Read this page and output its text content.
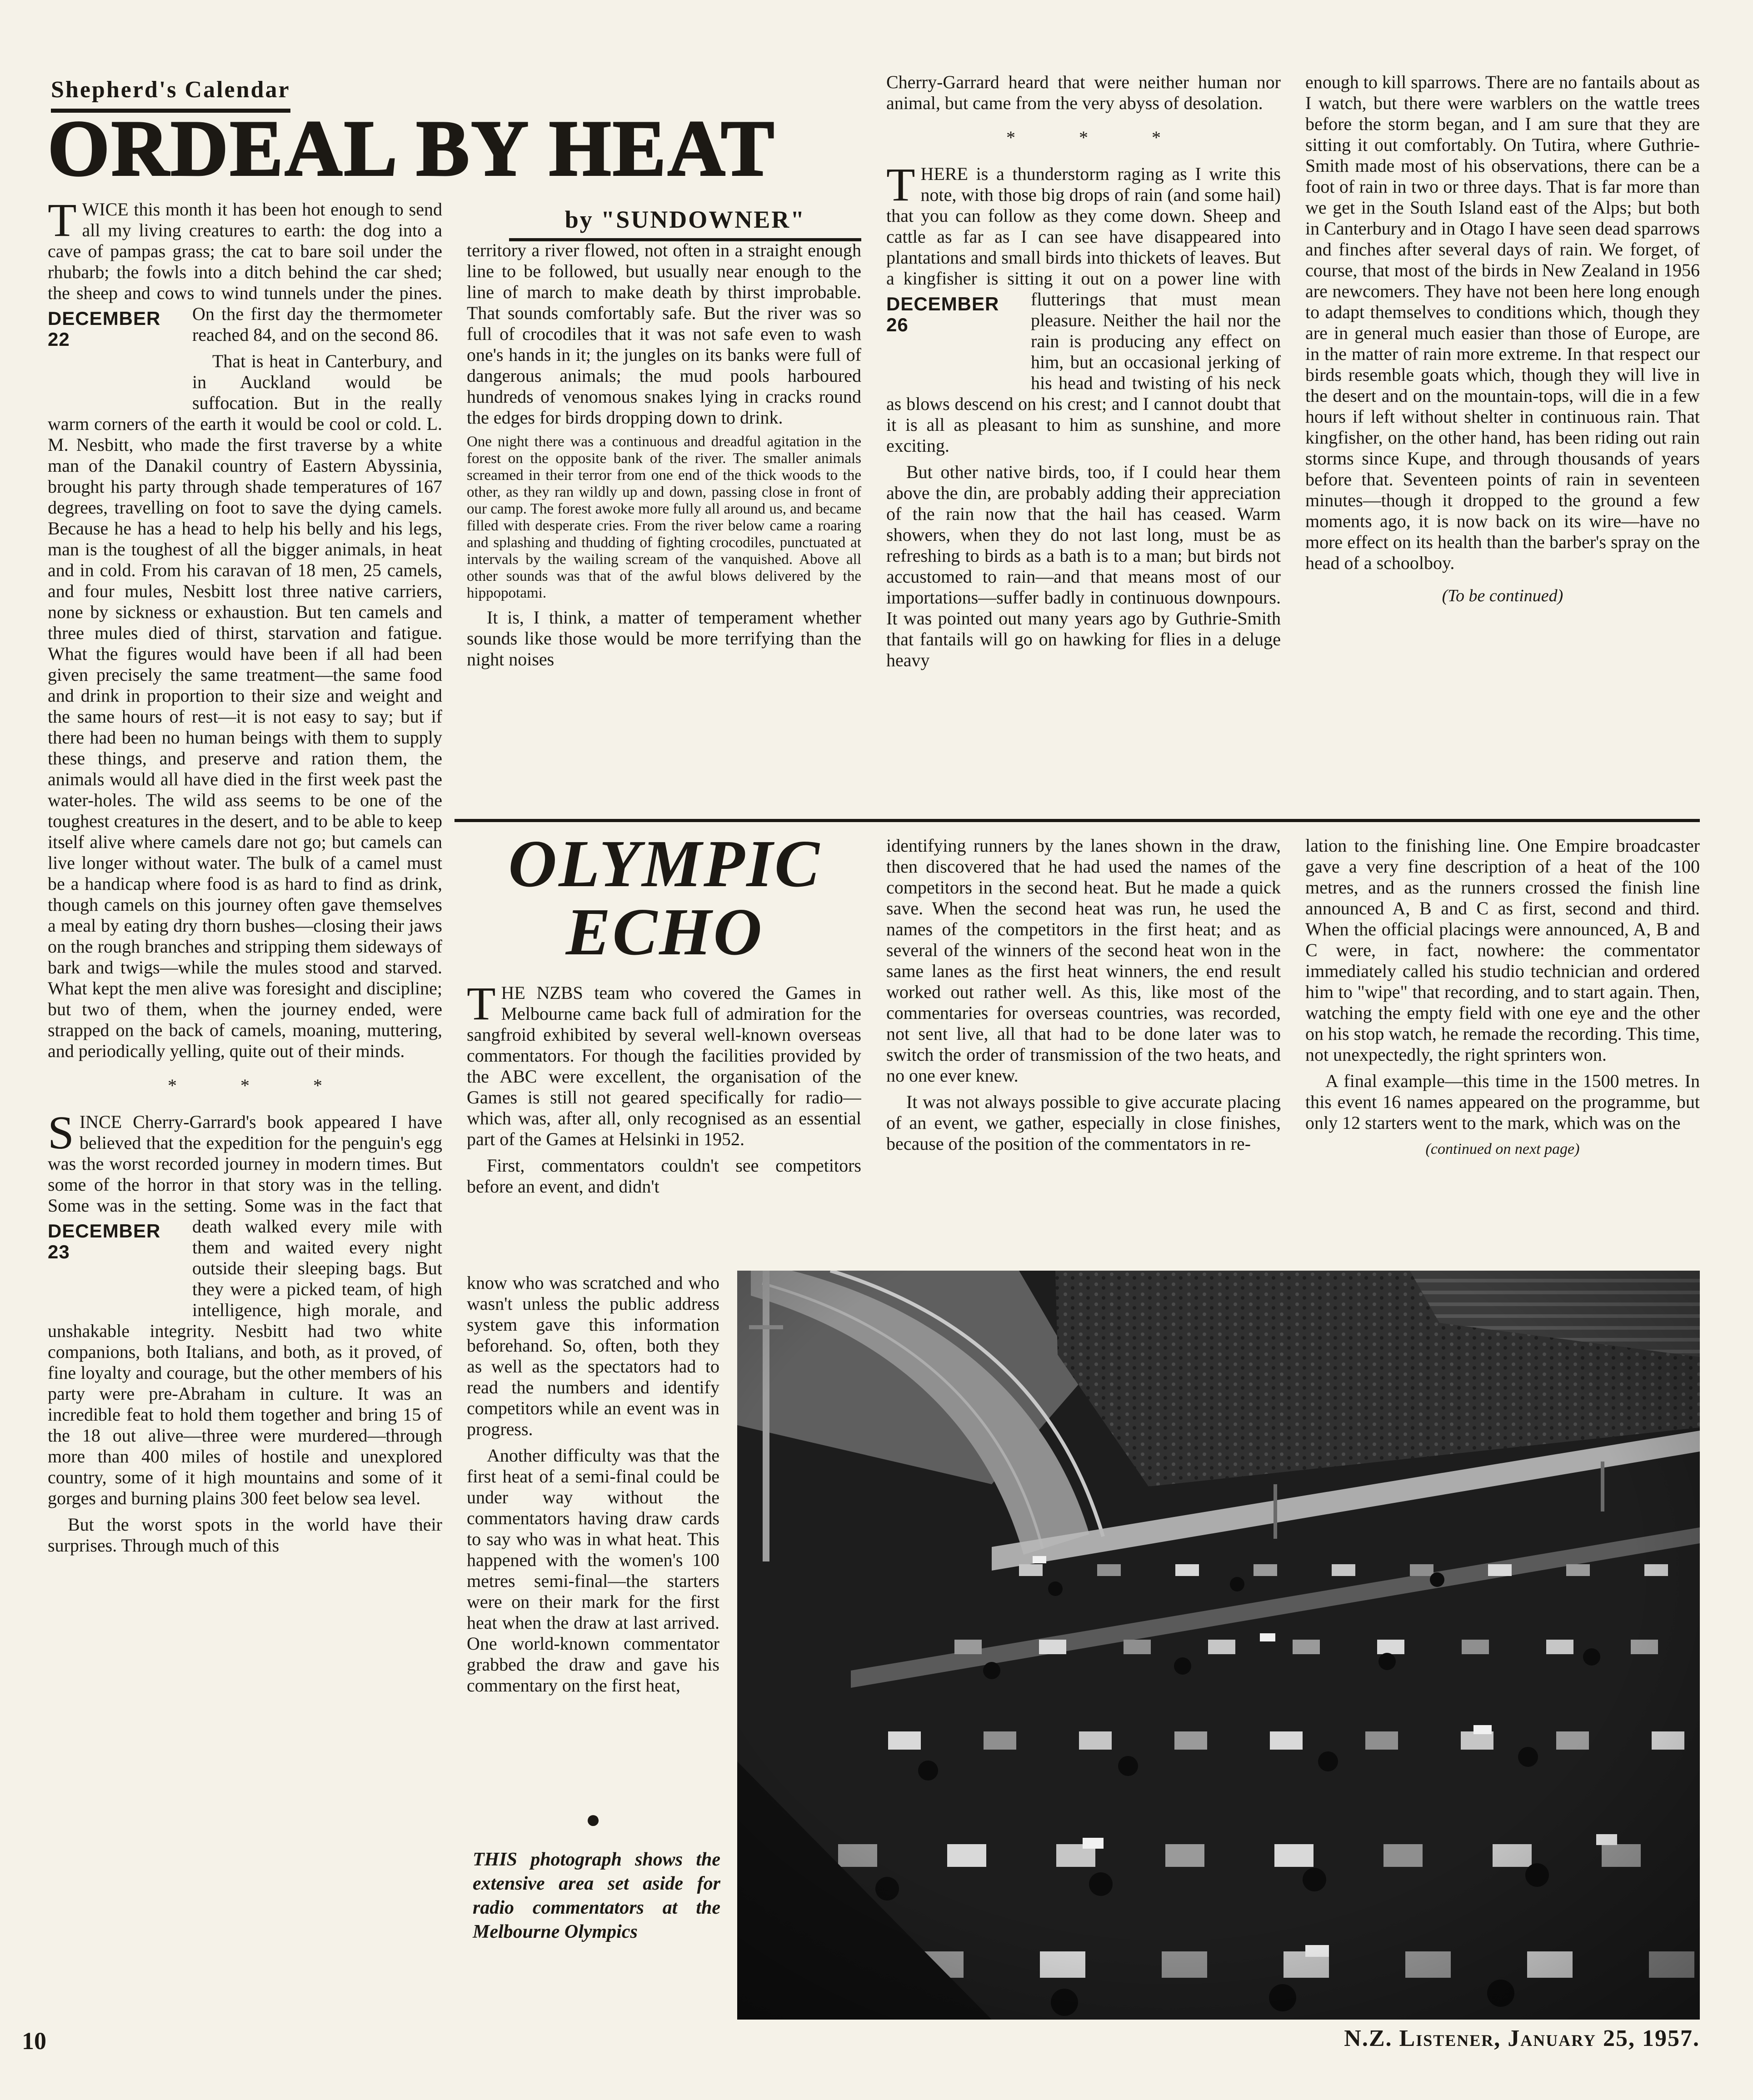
Shepherd's Calendar
ORDEAL BY HEAT
by "SUNDOWNER"

T WICE this month it has been hot enough to send all my living creatures to earth: the dog into a cave of pampas grass; the cat to bare soil under the rhubarb; the fowls into a ditch behind the car shed; the sheep and cows to wind tunnels under the pines.
DECEMBER 22
On the first day the thermometer reached 84, and on the second 86.

That is heat in Canterbury, and in Auckland would be suffocation. But in the really warm corners of the earth it would be cool or cold. L. M. Nesbitt, who made the first traverse by a white man of the Danakil country of Eastern Abyssinia, brought his party through shade temperatures of 167 degrees, travelling on foot to save the dying camels. Because he has a head to help his belly and his legs, man is the toughest of all the bigger animals, in heat and in cold. From his caravan of 18 men, 25 camels, and four mules, Nesbitt lost three native carriers, none by sickness or exhaustion. But ten camels and three mules died of thirst, starvation and fatigue. What the figures would have been if all had been given precisely the same treatment—the same food and drink in proportion to their size and weight and the same hours of rest—it is not easy to say; but if there had been no human beings with them to supply these things, and preserve and ration them, the animals would all have died in the first week past the water-holes. The wild ass seems to be one of the toughest creatures in the desert, and to be able to keep itself alive where camels dare not go; but camels can live longer without water. The bulk of a camel must be a handicap where food is as hard to find as drink, though camels on this journey often gave themselves a meal by eating dry thorn bushes—closing their jaws on the rough branches and stripping them sideways of bark and twigs—while the mules stood and starved. What kept the men alive was foresight and discipline; but two of them, when the journey ended, were strapped on the back of camels, moaning, muttering, and periodically yelling, quite out of their minds.

* * *

S INCE Cherry-Garrard's book appeared I have believed that the expedition for the penguin's egg was the worst recorded journey in modern times. But some of the horror in that story was in the telling. Some was in the setting. Some was in the fact that death walked every mile with
DECEMBER 23	them and waited every night outside their sleeping bags. But they were a picked team, of high intelligence, high morale, and unshakable integrity. Nesbitt had two white companions, both Italians, and both, as it proved, of fine loyalty and courage, but the other members of his party were pre-Abraham in culture. It was an incredible feat to hold them together and bring 15 of the 18 out alive—three were murdered—through more than 400 miles of hostile and unexplored country, some of it high mountains and some of it gorges and burning plains 300 feet below sea level.

But the worst spots in the world have their surprises. Through much of this

territory a river flowed, not often in a straight enough line to be followed, but usually near enough to the line of march to make death by thirst improbable. That sounds comfortably safe. But the river was so full of crocodiles that it was not safe even to wash one's hands in it; the jungles on its banks were full of dangerous animals; the mud pools harboured hundreds of venomous snakes lying in cracks round the edges for birds dropping down to drink.

One night there was a continuous and dreadful agitation in the forest on the opposite bank of the river. The smaller animals screamed in their terror from one end of the thick woods to the other, as they ran wildly up and down, passing close in front of our camp. The forest awoke more fully all around us, and became filled with desperate cries. From the river below came a roaring and splashing and thudding of fighting crocodiles, punctuated at intervals by the wailing scream of the vanquished. Above all other sounds was that of the awful blows delivered by the hippopotami.

It is, I think, a matter of temperament whether sounds like those would be more terrifying than the night noises

Cherry-Garrard heard that were neither human nor animal, but came from the very abyss of desolation.

* * *

T HERE is a thunderstorm raging as I write this note, with those big drops of rain (and some hail) that you can follow as they come down. Sheep and cattle as far as I can see have disappeared into plantations and small birds into thickets of leaves. But a kingfisher is sitting it out on a power line with flutterings
DECEMBER 26
that must mean pleasure. Neither the hail nor the rain is producing any effect on him, but an occasional jerking of his head and twisting of his neck as blows descend on his crest; and I cannot doubt that it is all as pleasant to him as sunshine, and more exciting.

But other native birds, too, if I could hear them above the din, are probably adding their appreciation of the rain now that the hail has ceased. Warm showers, when they do not last long, must be as refreshing to birds as a bath is to a man; but birds not accustomed to rain—and that means most of our importations—suffer badly in continuous downpours. It was pointed out many years ago by Guthrie-Smith that fantails will go on hawking for flies in a deluge heavy

enough to kill sparrows. There are no fantails about as I watch, but there were warblers on the wattle trees before the storm began, and I am sure that they are sitting it out comfortably. On Tutira, where Guthrie-Smith made most of his observations, there can be a foot of rain in two or three days. That is far more than we get in the South Island east of the Alps; but both in Canterbury and in Otago I have seen dead sparrows and finches after several days of rain. We forget, of course, that most of the birds in New Zealand in 1956 are newcomers. They have not been here long enough to adapt themselves to conditions which, though they are in general much easier than those of Europe, are in the matter of rain more extreme. In that respect our birds resemble goats which, though they will live in the desert and on the mountain-tops, will die in a few hours if left without shelter in continuous rain. That kingfisher, on the other hand, has been riding out rain storms since Kupe, and through thousands of years before that. Seventeen points of rain in seventeen minutes—though it dropped to the ground a few moments ago, it is now back on its wire—have no more effect on its health than the barber's spray on the head of a schoolboy.

(To be continued)
OLYMPIC
ECHO

T HE NZBS team who covered the Games in Melbourne came back full of admiration for the sangfroid exhibited by several well-known overseas commentators. For though the facilities provided by the ABC were excellent, the organisation of the Games is still not geared specifically for radio—which was, after all, only recognised as an essential part of the Games at Helsinki in 1952.

First, commentators couldn't see competitors before an event, and didn't

know who was scratched and who wasn't unless the public address system gave this information beforehand. So, often, both they as well as the spectators had to read the numbers and identify competitors while an event was in progress.

Another difficulty was that the first heat of a semi-final could be under way without the commentators having draw cards to say who was in what heat. This happened with the women's 100 metres semi-final—the starters were on their mark for the first heat when the draw at last arrived. One world-known commentator grabbed the draw and gave his commentary on the first heat,

identifying runners by the lanes shown in the draw, then discovered that he had used the names of the competitors in the second heat. But he made a quick save. When the second heat was run, he used the names of the competitors in the first heat; and as several of the winners of the second heat won in the same lanes as the first heat winners, the end result worked out rather well. As this, like most of the commentaries for overseas countries, was recorded, not sent live, all that had to be done later was to switch the order of transmission of the two heats, and no one ever knew.

It was not always possible to give accurate placing of an event, we gather, especially in close finishes, because of the position of the commentators in re-

lation to the finishing line. One Empire broadcaster gave a very fine description of a heat of the 100 metres, and as the runners crossed the finish line announced A, B and C as first, second and third. When the official placings were announced, A, B and C were, in fact, nowhere: the commentator immediately called his studio technician and ordered him to "wipe" that recording, and to start again. Then, watching the empty field with one eye and the other on his stop watch, he remade the recording. This time, not unexpectedly, the right sprinters won.

A final example—this time in the 1500 metres. In this event 16 names appeared on the programme, but only 12 starters went to the mark, which was on the

(continued on next page)
●
THIS photograph shows the extensive area set aside for radio commentators at the Melbourne Olympics
10	N.Z. Listener, January 25, 1957.
